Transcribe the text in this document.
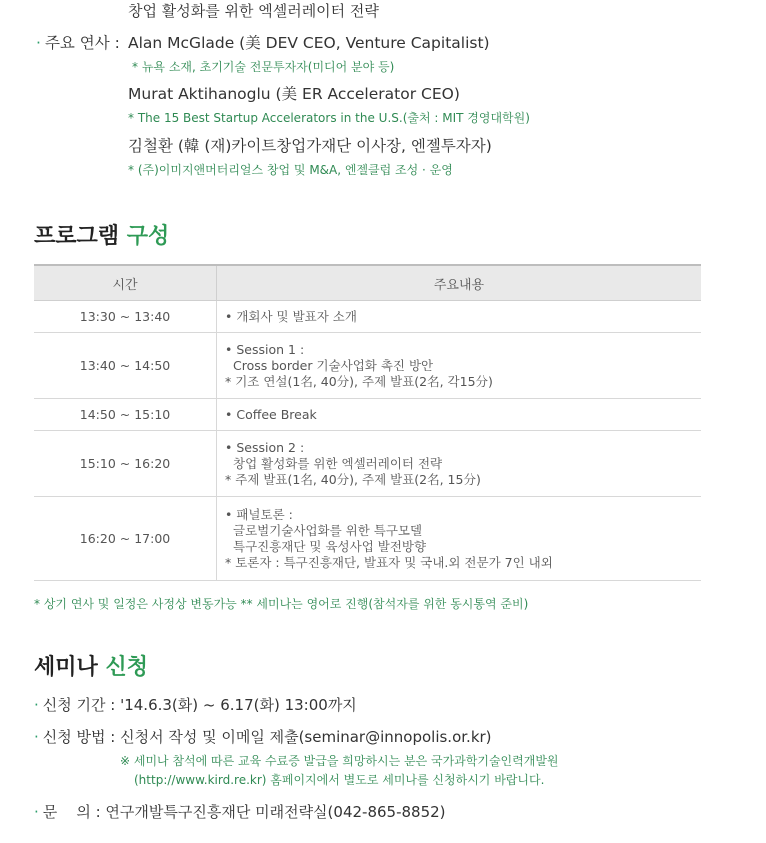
창업 활성화를 위한 엑셀러레이터 전략
· 주요 연사 : Alan McGlade (美 DEV CEO, Venture Capitalist)
* 뉴욕 소재, 초기기술 전문투자자(미디어 분야 등)
Murat Aktihanoglu (美 ER Accelerator CEO)
* The 15 Best Startup Accelerators in the U.S.(출처 : MIT 경영대학원)
김철환 (韓 (재)카이트창업가재단 이사장, 엔젤투자자)
* (주)이미지앤머터리얼스 창업 및 M&A, 엔젤클럽 조성 · 운영
프로그램 구성
시간	주요내용
13:30 ~ 13:40	• 개회사 및 발표자 소개

13:40 ~ 14:50	• Session 1 :
Cross border 기술사업화 촉진 방안
* 기조 연설(1名, 40分), 주제 발표(2名, 각15分)

14:50 ~ 15:10	• Coffee Break

15:10 ~ 16:20	• Session 2 :
창업 활성화를 위한 엑셀러레이터 전략
* 주제 발표(1名, 40分), 주제 발표(2名, 15分)

16:20 ~ 17:00	• 패널토론 :
글로벌기술사업화를 위한 특구모델
특구진흥재단 및 육성사업 발전방향
* 토론자 : 특구진흥재단, 발표자 및 국내.외 전문가 7인 내외
* 상기 연사 및 일정은 사정상 변동가능 ** 세미나는 영어로 진행(참석자를 위한 동시통역 준비)
세미나 신청
· 신청 기간 : '14.6.3(화) ~ 6.17(화) 13:00까지
· 신청 방법 : 신청서 작성 및 이메일 제출(seminar@innopolis.or.kr)
※ 세미나 참석에 따른 교육 수료증 발급을 희망하시는 분은 국가과학기술인력개발원
(http://www.kird.re.kr) 홈페이지에서 별도로 세미나를 신청하시기 바랍니다.
· 문    의 : 연구개발특구진흥재단 미래전략실(042-865-8852)
